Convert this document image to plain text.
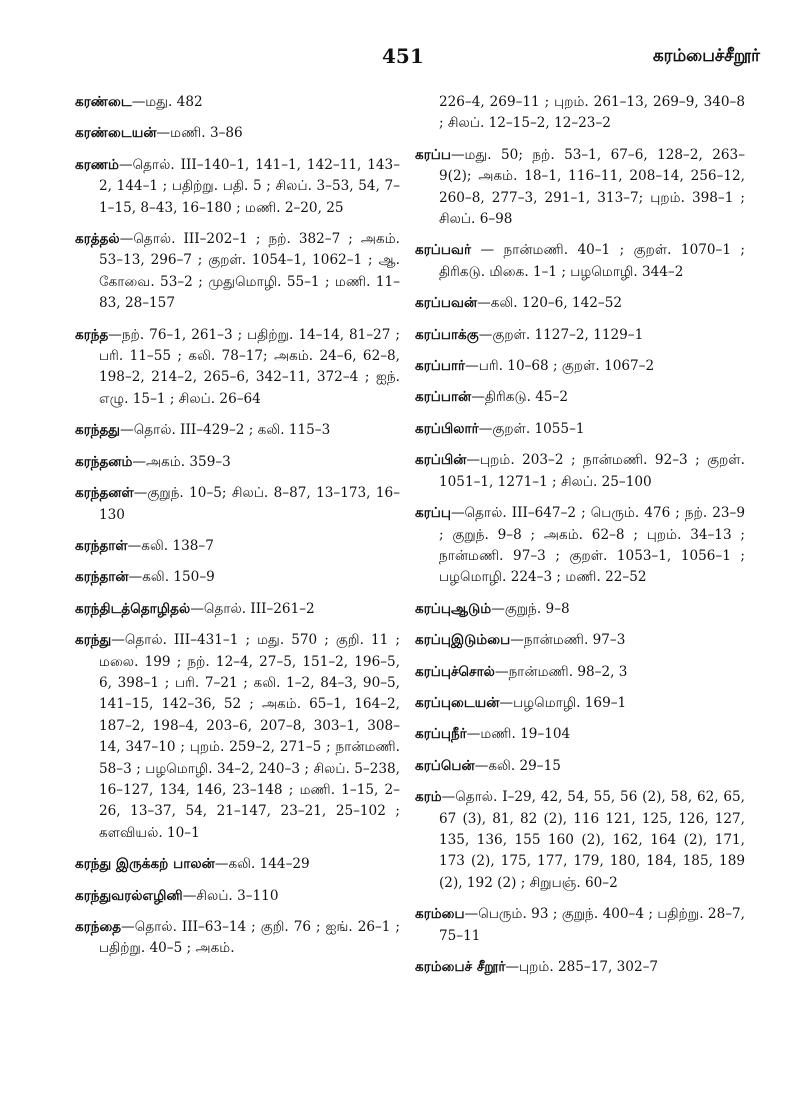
451	கரம்பைச்சீறூர்

கரண்டை—மது. 482

கரண்டையன்—மணி. 3–86

கரணம்—தொல். III–140–1, 141–1, 142–11, 143–2, 144–1 ; பதிற்று. பதி. 5 ; சிலப். 3–53, 54, 7–1–15, 8–43, 16–180 ; மணி. 2–20, 25

கரத்தல்—தொல். III–202–1 ; நற். 382–7 ; அகம். 53–13, 296–7 ; குறள். 1054–1, 1062–1 ; ஆ. கோவை. 53–2 ; முதுமொழி. 55–1 ; மணி. 11–83, 28–157

கரந்த—நற். 76–1, 261–3 ; பதிற்று. 14–14, 81–27 ; பரி. 11–55 ; கலி. 78–17; அகம். 24–6, 62–8, 198–2, 214–2, 265–6, 342–11, 372–4 ; ஐந். எழு. 15–1 ; சிலப். 26–64

கரந்தது—தொல். III–429–2 ; கலி. 115–3

கரந்தனம்—அகம். 359–3

கரந்தனள்—குறுந். 10–5; சிலப். 8–87, 13–173, 16–130

கரந்தாள்—கலி. 138–7

கரந்தான்—கலி. 150–9

கரந்திடத்தொழிதல்—தொல். III–261–2

கரந்து—தொல். III–431–1 ; மது. 570 ; குறி. 11 ; மலை. 199 ; நற். 12–4, 27–5, 151–2, 196–5, 6, 398–1 ; பரி. 7–21 ; கலி. 1–2, 84–3, 90–5, 141–15, 142–36, 52 ; அகம். 65–1, 164–2, 187–2, 198–4, 203–6, 207–8, 303–1, 308–14, 347–10 ; புறம். 259–2, 271–5 ; நான்மணி. 58–3 ; பழமொழி. 34–2, 240–3 ; சிலப். 5–238, 16–127, 134, 146, 23–148 ; மணி. 1–15, 2–26, 13–37, 54, 21–147, 23–21, 25–102 ; களவியல். 10–1

கரந்து இருக்கற் பாலன்—கலி. 144–29

கரந்துவரல்எழினி—சிலப். 3–110

கரந்தை—தொல். III–63–14 ; குறி. 76 ; ஐங். 26–1 ; பதிற்று. 40–5 ; அகம்.

226–4, 269–11 ; புறம். 261–13, 269–9, 340–8 ; சிலப். 12–15–2, 12–23–2

கரப்ப—மது. 50; நற். 53–1, 67–6, 128–2, 263–9(2); அகம். 18–1, 116–11, 208–14, 256–12, 260–8, 277–3, 291–1, 313–7; புறம். 398–1 ; சிலப். 6–98

கரப்பவர் — நான்மணி. 40–1 ; குறள். 1070–1 ; திரிகடு. மிகை. 1–1 ; பழமொழி. 344–2

கரப்பவன்—கலி. 120–6, 142–52

கரப்பாக்கு—குறள். 1127–2, 1129–1

கரப்பார்—பரி. 10–68 ; குறள். 1067–2

கரப்பான்—திரிகடு. 45–2

கரப்பிலார்—குறள். 1055–1

கரப்பின்—புறம். 203–2 ; நான்மணி. 92–3 ; குறள். 1051–1, 1271–1 ; சிலப். 25–100

கரப்பு—தொல். III–647–2 ; பெரும். 476 ; நற். 23–9 ; குறுந். 9–8 ; அகம். 62–8 ; புறம். 34–13 ; நான்மணி. 97–3 ; குறள். 1053–1, 1056–1 ; பழமொழி. 224–3 ; மணி. 22–52

கரப்புஆடும்—குறுந். 9–8

கரப்புஇடும்பை—நான்மணி. 97–3

கரப்புச்சொல்—நான்மணி. 98–2, 3

கரப்புடையன்—பழமொழி. 169–1

கரப்புநீர்—மணி. 19–104

கரப்பென்—கலி. 29–15

கரம்—தொல். I–29, 42, 54, 55, 56 (2), 58, 62, 65, 67 (3), 81, 82 (2), 116 121, 125, 126, 127, 135, 136, 155 160 (2), 162, 164 (2), 171, 173 (2), 175, 177, 179, 180, 184, 185, 189 (2), 192 (2) ; சிறுபஞ். 60–2

கரம்பை—பெரும். 93 ; குறுந். 400–4 ; பதிற்று. 28–7, 75–11

கரம்பைச் சீறூர்—புறம். 285–17, 302–7
